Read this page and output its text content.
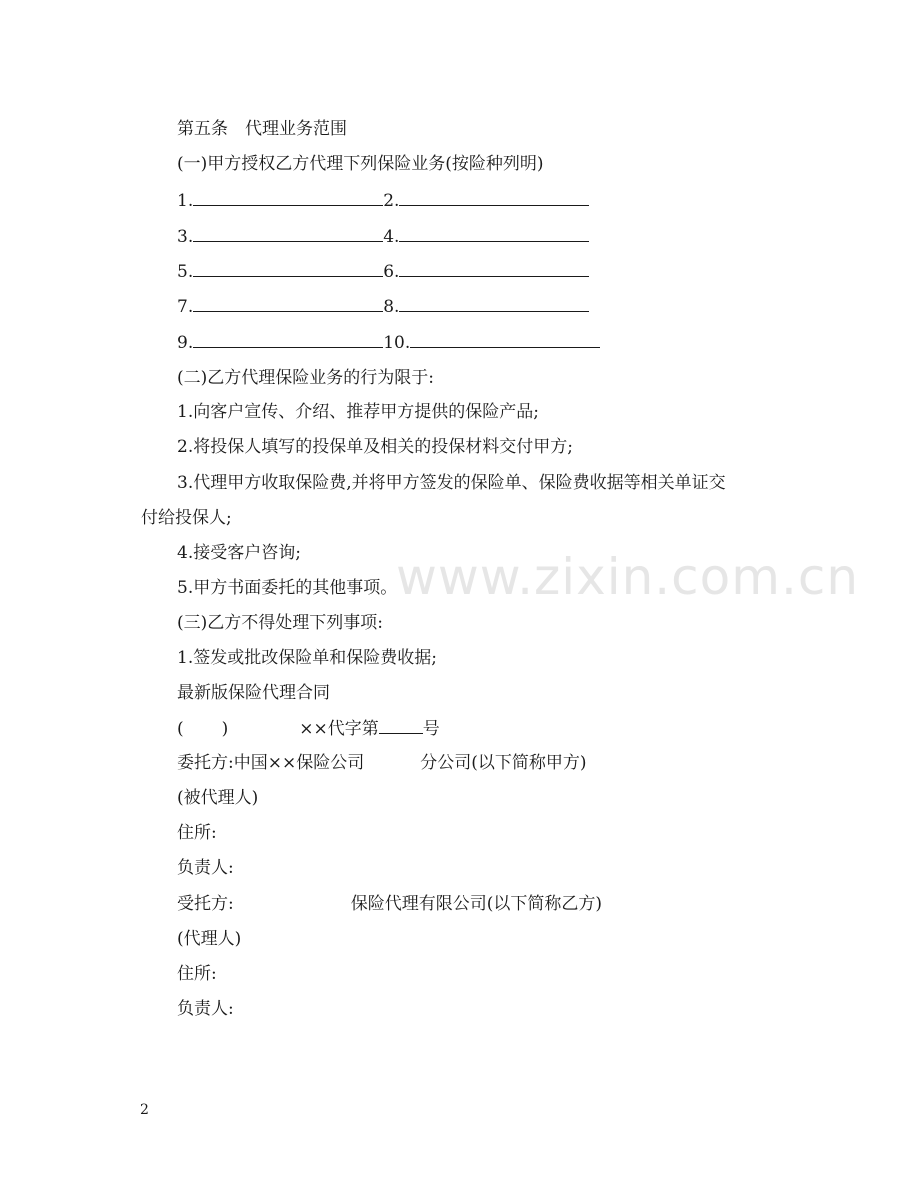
www.zixin.com.cn
第五条　代理业务范围
(一)甲方授权乙方代理下列保险业务(按险种列明)
1.	2.
3.	4.
5.	6.
7.	8.
9.	10.
(二)乙方代理保险业务的行为限于:
1.向客户宣传、介绍、推荐甲方提供的保险产品;
2.将投保人填写的投保单及相关的投保材料交付甲方;
3.代理甲方收取保险费,并将甲方签发的保险单、保险费收据等相关单证交
付给投保人;
4.接受客户咨询;
5.甲方书面委托的其他事项。
(三)乙方不得处理下列事项:
1.签发或批改保险单和保险费收据;
最新版保险代理合同
( )	××代字第	号
委托方:中国××保险公司	分公司(以下简称甲方)
(被代理人)
住所:
负责人:
受托方:	保险代理有限公司(以下简称乙方)
(代理人)
住所:
负责人:
2
